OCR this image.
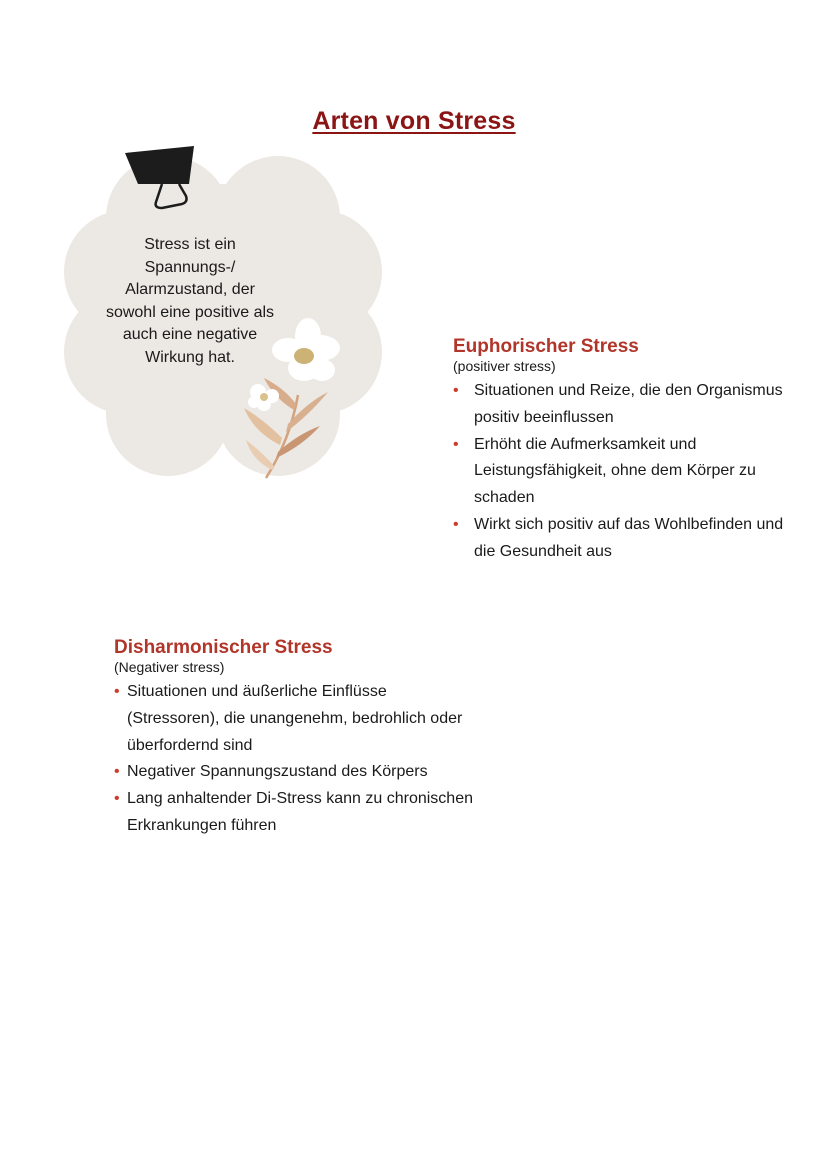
Arten von Stress
Stress ist ein Spannungs-/ Alarmzustand, der sowohl eine positive als auch eine negative Wirkung hat.	Euphorischer Stress
(positiver stress)
• Situationen und Reize, die den Organismus positiv beeinflussen
• Erhöht die Aufmerksamkeit und Leistungsfähigkeit, ohne dem Körper zu schaden
• Wirkt sich positiv auf das Wohlbefinden und die Gesundheit aus
Disharmonischer Stress
(Negativer stress)
• Situationen und äußerliche Einflüsse (Stressoren), die unangenehm, bedrohlich oder überfordernd sind
• Negativer Spannungszustand des Körpers
• Lang anhaltender Di-Stress kann zu chronischen Erkrankungen führen
